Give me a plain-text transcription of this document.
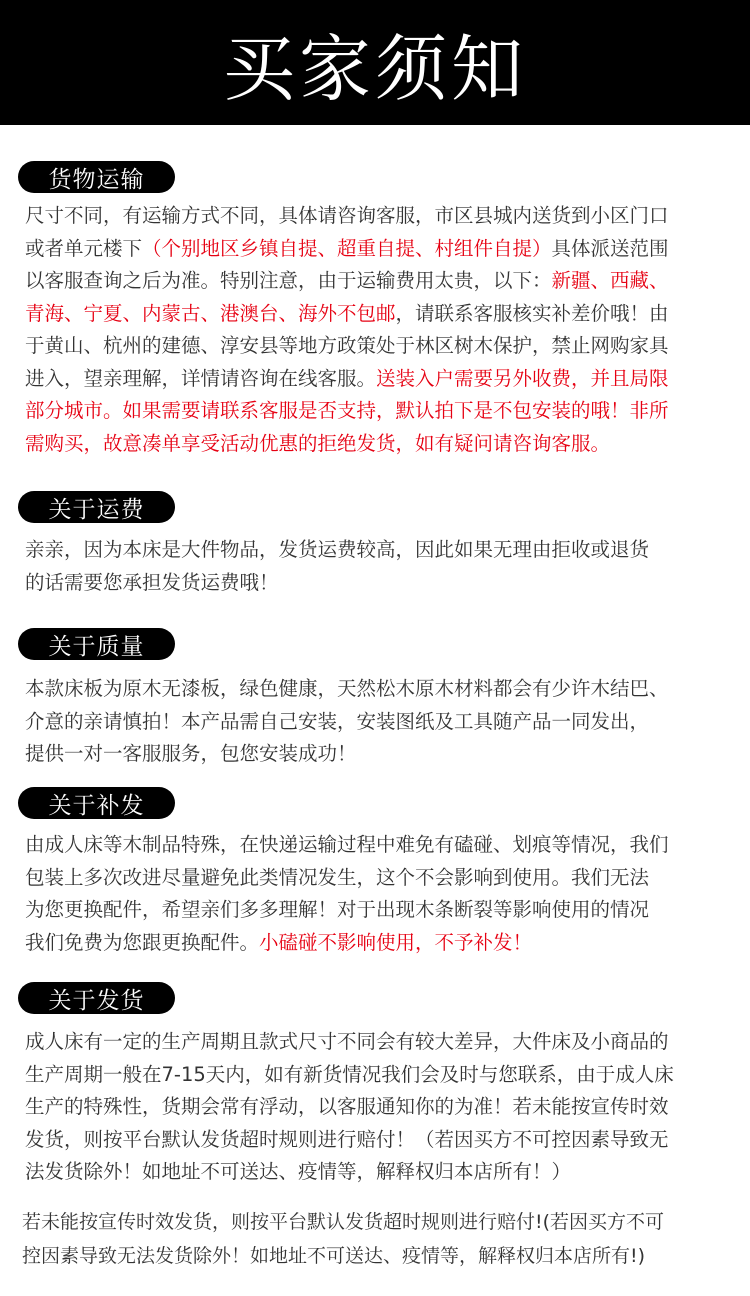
买家须知
货物运输
尺寸不同，有运输方式不同，具体请咨询客服，市区县城内送货到小区门口
或者单元楼下（个别地区乡镇自提、超重自提、村组件自提）具体派送范围
以客服查询之后为准。特别注意，由于运输费用太贵，以下：新疆、西藏、
青海、宁夏、内蒙古、港澳台、海外不包邮，请联系客服核实补差价哦！由
于黄山、杭州的建德、淳安县等地方政策处于林区树木保护，禁止网购家具
进入，望亲理解，详情请咨询在线客服。送装入户需要另外收费，并且局限
部分城市。如果需要请联系客服是否支持，默认拍下是不包安装的哦！非所
需购买，故意凑单享受活动优惠的拒绝发货，如有疑问请咨询客服。
关于运费
亲亲，因为本床是大件物品，发货运费较高，因此如果无理由拒收或退货
的话需要您承担发货运费哦！
关于质量
本款床板为原木无漆板，绿色健康，天然松木原木材料都会有少许木结巴、
介意的亲请慎拍！本产品需自己安装，安装图纸及工具随产品一同发出，
提供一对一客服服务，包您安装成功！
关于补发
由成人床等木制品特殊，在快递运输过程中难免有磕碰、划痕等情况，我们
包装上多次改进尽量避免此类情况发生，这个不会影响到使用。我们无法
为您更换配件，希望亲们多多理解！对于出现木条断裂等影响使用的情况
我们免费为您跟更换配件。小磕碰不影响使用，不予补发！
关于发货
成人床有一定的生产周期且款式尺寸不同会有较大差异，大件床及小商品的
生产周期一般在7-15天内，如有新货情况我们会及时与您联系，由于成人床
生产的特殊性，货期会常有浮动，以客服通知你的为准！若未能按宣传时效
发货，则按平台默认发货超时规则进行赔付！（若因买方不可控因素导致无
法发货除外！如地址不可送达、疫情等，解释权归本店所有！）
若未能按宣传时效发货，则按平台默认发货超时规则进行赔付!(若因买方不可
控因素导致无法发货除外！如地址不可送达、疫情等，解释权归本店所有!)
